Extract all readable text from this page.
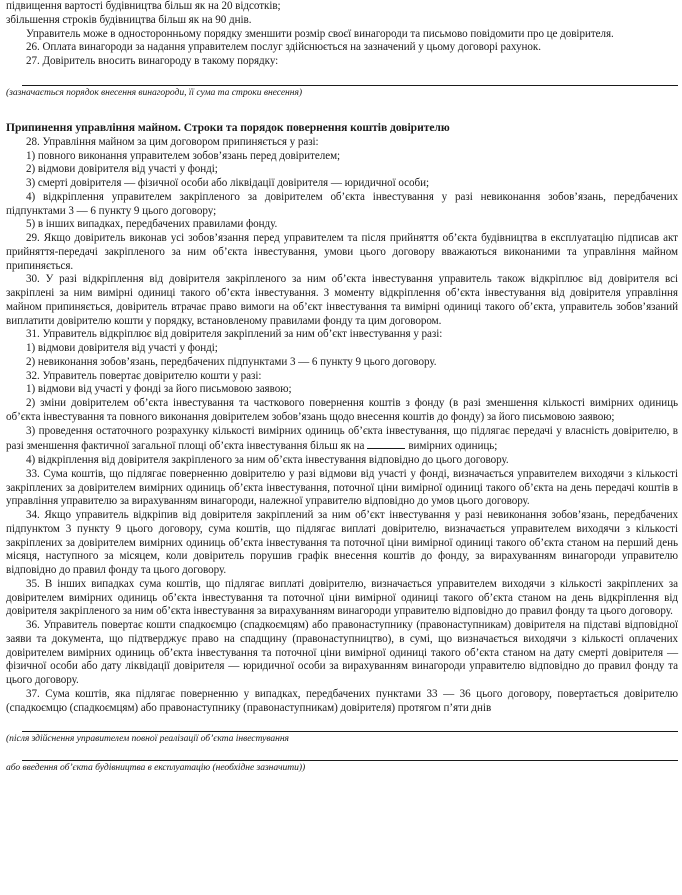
підвищення вартості будівництва більш як на 20 відсотків;

збільшення строків будівництва більш як на 90 днів.

Управитель може в односторонньому порядку зменшити розмір своєї винагороди та письмово повідомити про це довірителя.

26. Оплата винагороди за надання управителем послуг здійснюється на зазначений у цьому договорі рахунок.

27. Довіритель вносить винагороду в такому порядку:

(зазначається порядок внесення винагороди, її сума та строки внесення)

Припинення управління майном. Строки та порядок повернення коштів довірителю

28. Управління майном за цим договором припиняється у разі:

1) повного виконання управителем зобов’язань перед довірителем;

2) відмови довірителя від участі у фонді;

3) смерті довірителя — фізичної особи або ліквідації довірителя — юридичної особи;

4) відкріплення управителем закріпленого за довірителем об’єкта інвестування у разі невиконання зобов’язань, передбачених підпунктами 3 — 6 пункту 9 цього договору;

5) в інших випадках, передбачених правилами фонду.

29. Якщо довіритель виконав усі зобов’язання перед управителем та після прийняття об’єкта будівництва в експлуатацію підписав акт прийняття-передачі закріпленого за ним об’єкта інвестування, умови цього договору вважаються виконаними та управління майном припиняється.

30. У разі відкріплення від довірителя закріпленого за ним об’єкта інвестування управитель також відкріплює від довірителя всі закріплені за ним вимірні одиниці такого об’єкта інвестування. З моменту відкріплення об’єкта інвестування від довірителя управління майном припиняється, довіритель втрачає право вимоги на об’єкт інвестування та вимірні одиниці такого об’єкта, управитель зобов’язаний виплатити довірителю кошти у порядку, встановленому правилами фонду та цим договором.

31. Управитель відкріплює від довірителя закріплений за ним об’єкт інвестування у разі:

1) відмови довірителя від участі у фонді;

2) невиконання зобов’язань, передбачених підпунктами 3 — 6 пункту 9 цього договору.

32. Управитель повертає довірителю кошти у разі:

1) відмови від участі у фонді за його письмовою заявою;

2) зміни довірителем об’єкта інвестування та часткового повернення коштів з фонду (в разі зменшення кількості вимірних одиниць об’єкта інвестування та повного виконання довірителем зобов’язань щодо внесення коштів до фонду) за його письмовою заявою;

3) проведення остаточного розрахунку кількості вимірних одиниць об’єкта інвестування, що підлягає передачі у власність довірителю, в разі зменшення фактичної загальної площі об’єкта інвестування більш як на	вимірних одиниць;

4) відкріплення від довірителя закріпленого за ним об’єкта інвестування відповідно до цього договору.

33. Сума коштів, що підлягає поверненню довірителю у разі відмови від участі у фонді, визначається управителем виходячи з кількості закріплених за довірителем вимірних одиниць об’єкта інвестування, поточної ціни вимірної одиниці такого об’єкта на день передачі коштів в управління управителю за вирахуванням винагороди, належної управителю відповідно до умов цього договору.

34. Якщо управитель відкріпив від довірителя закріплений за ним об’єкт інвестування у разі невиконання зобов’язань, передбачених підпунктом 3 пункту 9 цього договору, сума коштів, що підлягає виплаті довірителю, визначається управителем виходячи з кількості закріплених за довірителем вимірних одиниць об’єкта інвестування та поточної ціни вимірної одиниці такого об’єкта станом на перший день місяця, наступного за місяцем, коли довіритель порушив графік внесення коштів до фонду, за вирахуванням винагороди управителю відповідно до правил фонду та цього договору.

35. В інших випадках сума коштів, що підлягає виплаті довірителю, визначається управителем виходячи з кількості закріплених за довірителем вимірних одиниць об’єкта інвестування та поточної ціни вимірної одиниці такого об’єкта станом на день відкріплення від довірителя закріпленого за ним об’єкта інвестування за вирахуванням винагороди управителю відповідно до правил фонду та цього договору.

36. Управитель повертає кошти спадкоємцю (спадкоємцям) або правонаступнику (правонаступникам) довірителя на підставі відповідної заяви та документа, що підтверджує право на спадщину (правонаступництво), в сумі, що визначається виходячи з кількості оплачених довірителем вимірних одиниць об’єкта інвестування та поточної ціни вимірної одиниці такого об’єкта станом на дату смерті довірителя — фізичної особи або дату ліквідації довірителя — юридичної особи за вирахуванням винагороди управителю відповідно до правил фонду та цього договору.

37. Сума коштів, яка підлягає поверненню у випадках, передбачених пунктами 33 — 36 цього договору, повертається довірителю (спадкоємцю (спадкоємцям) або правонаступнику (правонаступникам) довірителя) протягом п’яти днів

(після здійснення управителем повної реалізації об’єкта інвестування

або введення об’єкта будівництва в експлуатацію (необхідне зазначити))
